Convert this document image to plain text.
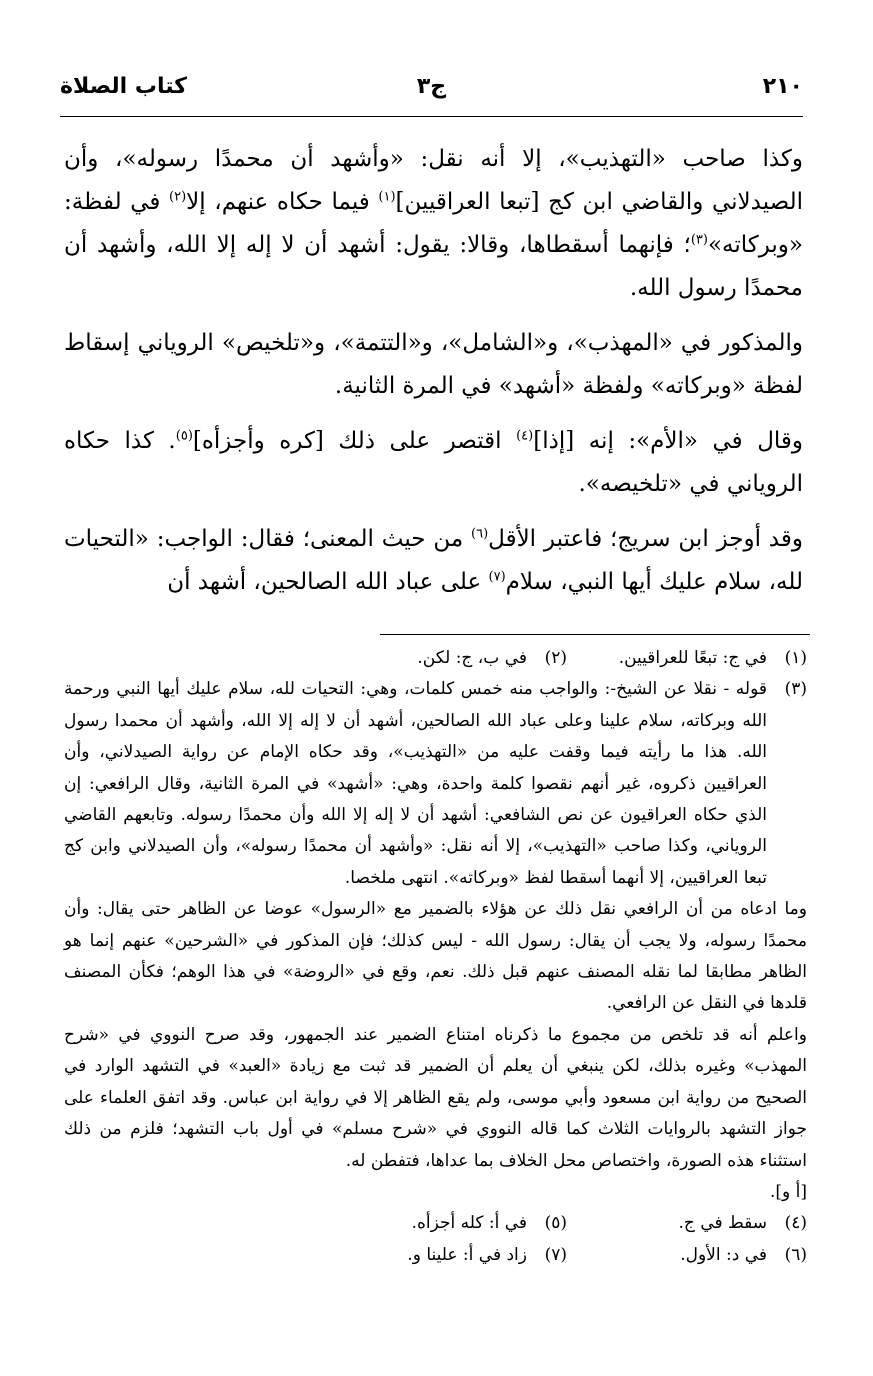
٢١٠
ج٣
كتاب الصلاة

وكذا صاحب «التهذيب»، إلا أنه نقل: «وأشهد أن محمدًا رسوله»، وأن الصيدلاني والقاضي ابن كج [تبعا العراقيين]$^{(١)}$ فيما حكاه عنهم، إلا$^{(٢)}$ في لفظة: «وبركاته»$^{(٣)}$؛ فإنهما أسقطاها، وقالا: يقول: أشهد أن لا إله إلا الله، وأشهد أن محمدًا رسول الله.

والمذكور في «المهذب»، و«الشامل»، و«التتمة»، و«تلخيص» الروياني إسقاط لفظة «وبركاته» ولفظة «أشهد» في المرة الثانية.

وقال في «الأم»: إنه [إذا]$^{(٤)}$ اقتصر على ذلك [كره وأجزأه]$^{(٥)}$. كذا حكاه الروياني في «تلخيصه».

وقد أوجز ابن سريج؛ فاعتبر الأقل$^{(٦)}$ من حيث المعنى؛ فقال: الواجب: «التحيات لله، سلام عليك أيها النبي، سلام$^{(٧)}$ على عباد الله الصالحين، أشهد أن

(١)
في ج: تبعًا للعراقيين.
(٢)
في ب، ج: لكن.
(٣)
قوله - نقلا عن الشيخ-: والواجب منه خمس كلمات، وهي: التحيات لله، سلام عليك أيها النبي ورحمة الله وبركاته، سلام علينا وعلى عباد الله الصالحين، أشهد أن لا إله إلا الله، وأشهد أن محمدا رسول الله. هذا ما رأيته فيما وقفت عليه من «التهذيب»، وقد حكاه الإمام عن رواية الصيدلاني، وأن العراقيين ذكروه، غير أنهم نقصوا كلمة واحدة، وهي: «أشهد» في المرة الثانية، وقال الرافعي: إن الذي حكاه العراقيون عن نص الشافعي: أشهد أن لا إله إلا الله وأن محمدًا رسوله. وتابعهم القاضي الروياني، وكذا صاحب «التهذيب»، إلا أنه نقل: «وأشهد أن محمدًا رسوله»، وأن الصيدلاني وابن كج تبعا العراقيين، إلا أنهما أسقطا لفظ «وبركاته». انتهى ملخصا.
وما ادعاه من أن الرافعي نقل ذلك عن هؤلاء بالضمير مع «الرسول» عوضا عن الظاهر حتى يقال: وأن محمدًا رسوله، ولا يجب أن يقال: رسول الله - ليس كذلك؛ فإن المذكور في «الشرحين» عنهم إنما هو الظاهر مطابقا لما نقله المصنف عنهم قبل ذلك. نعم، وقع في «الروضة» في هذا الوهم؛ فكأن المصنف قلدها في النقل عن الرافعي.
واعلم أنه قد تلخص من مجموع ما ذكرناه امتناع الضمير عند الجمهور، وقد صرح النووي في «شرح المهذب» وغيره بذلك، لكن ينبغي أن يعلم أن الضمير قد ثبت مع زيادة «العبد» في التشهد الوارد في الصحيح من رواية ابن مسعود وأبي موسى، ولم يقع الظاهر إلا في رواية ابن عباس. وقد اتفق العلماء على جواز التشهد بالروايات الثلاث كما قاله النووي في «شرح مسلم» في أول باب التشهد؛ فلزم من ذلك استثناء هذه الصورة، واختصاص محل الخلاف بما عداها، فتفطن له.
[أ و].
(٤)
سقط في ج.
(٥)
في أ: كله أجزأه.
(٦)
في د: الأول.
(٧)
زاد في أ: علينا و.
